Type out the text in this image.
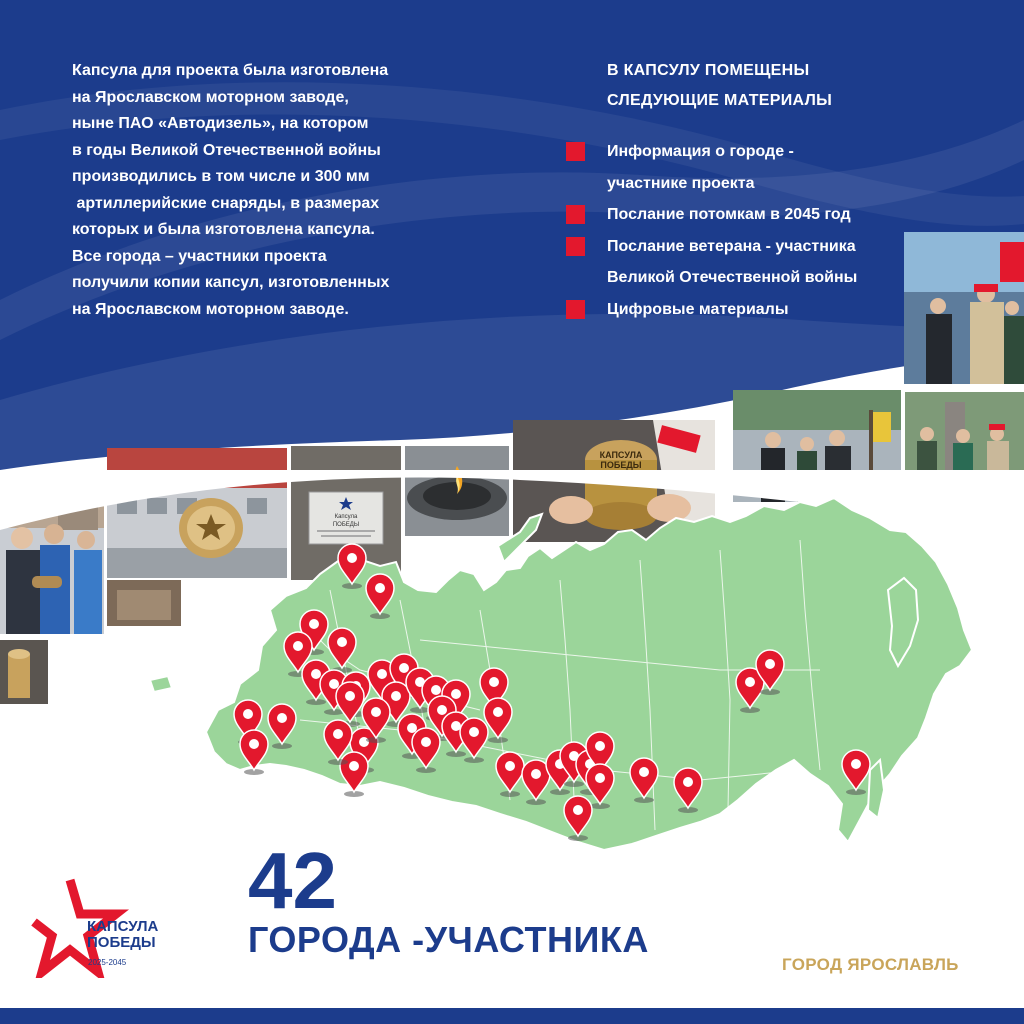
Капсула для проекта была изготовлена
на Ярославском моторном заводе,
ныне ПАО «Автодизель», на котором
в годы Великой Отечественной войны
производились в том числе и 300 мм
артиллерийские снаряды, в размерах
которых и была изготовлена капсула.
Все города – участники проекта
получили копии капсул, изготовленных
на Ярославском моторном заводе.

В КАПСУЛУ ПОМЕЩЕНЫ
СЛЕДУЮЩИЕ МАТЕРИАЛЫ
Информация о городе -
участнике проекта
Послание потомкам в 2045 год
Послание ветерана - участника
Великой Отечественной войны
Цифровые материалы
Капсула
ПОБЕДЫ
КАПСУЛА
ПОБЕДЫ
42
ГОРОДА -УЧАСТНИКА
ГОРОД ЯРОСЛАВЛЬ
КАПСУЛА
ПОБЕДЫ
2025-2045
